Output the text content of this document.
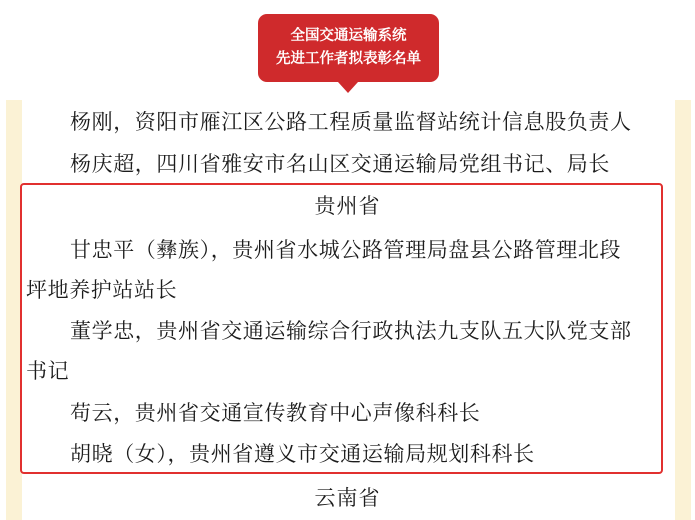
全国交通运输系统
先进工作者拟表彰名单
杨刚，资阳市雁江区公路工程质量监督站统计信息股负责人
杨庆超，四川省雅安市名山区交通运输局党组书记、局长
贵州省
甘忠平（彝族），贵州省水城公路管理局盘县公路管理北段
坪地养护站站长
董学忠，贵州省交通运输综合行政执法九支队五大队党支部
书记
苟云，贵州省交通宣传教育中心声像科科长
胡晓（女），贵州省遵义市交通运输局规划科科长
云南省
